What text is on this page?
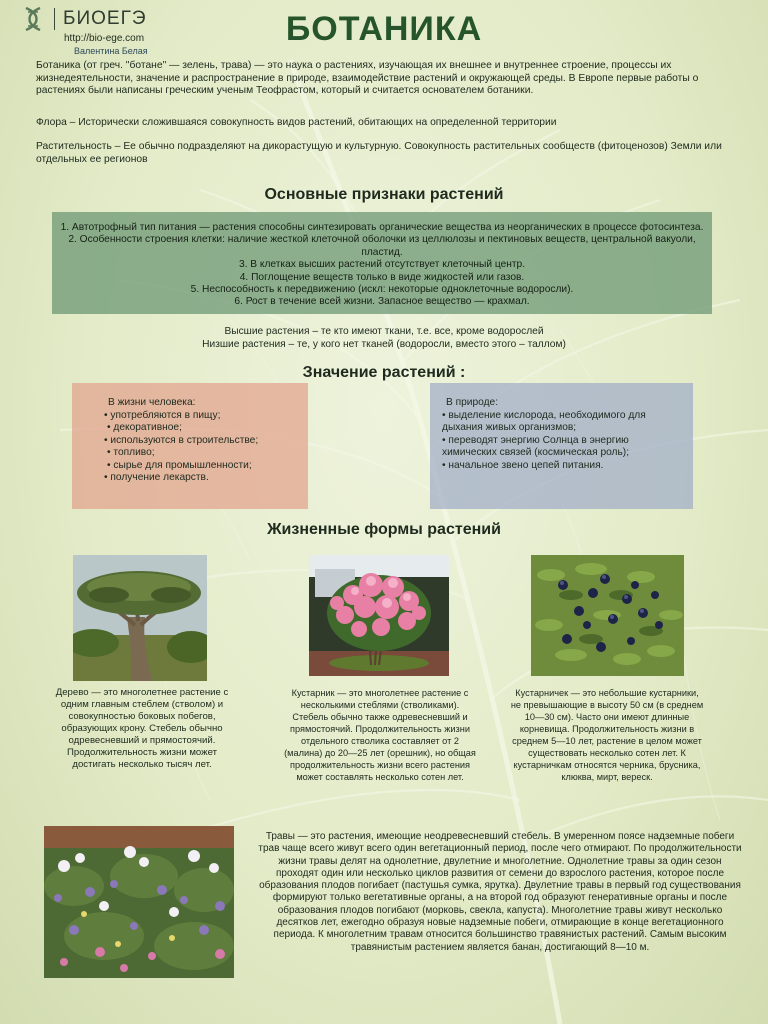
БИОЕГЭ
http://bio-ege.com
Валентина Белая
БОТАНИКА

Ботаника (от греч. "ботане" — зелень, трава) — это наука о растениях, изучающая их внешнее и внутреннее строение, процессы их жизнедеятельности, значение и распространение в природе, взаимодействие растений и окружающей среды. В Европе первые работы о растениях были написаны греческим ученым Теофрастом, который и считается основателем ботаники.

Флора – Исторически сложившаяся совокупность видов растений, обитающих на определенной территории

Растительность – Ее обычно подразделяют на дикорастущую и культурную. Совокупность растительных сообществ (фитоценозов) Земли или отдельных ее регионов

Основные признаки растений
1. Автотрофный тип питания — растения способны синтезировать органические вещества из неорганических в процессе фотосинтеза.
2. Особенности строения клетки: наличие жесткой клеточной оболочки из целлюлозы и пектиновых веществ, центральной вакуоли, пластид.
3. В клетках высших растений отсутствует клеточный центр.
4. Поглощение веществ только в виде жидкостей или газов.
5. Неспособность к передвижению (искл: некоторые одноклеточные водоросли).
6. Рост в течение всей жизни. Запасное вещество — крахмал.
Высшие растения – те кто имеют ткани, т.е. все, кроме водорослей
Низшие растения – те, у кого нет тканей (водоросли, вместо этого – таллом)
Значение растений :
В жизни человека:
• употребляются в пищу;
• декоративное;
• используются в строительстве;
• топливо;
• сырье для промышленности;
• получение лекарств.
В природе:
• выделение кислорода, необходимого для дыхания живых организмов;
• переводят энергию Солнца в энергию химических связей (космическая роль);
• начальное звено цепей питания.
Жизненные формы растений

Дерево — это многолетнее растение с одним главным стеблем (стволом) и совокупностью боковых побегов, образующих крону. Стебель обычно одревесневший и прямостоячий. Продолжительность жизни может достигать несколько тысяч лет.

Кустарник — это многолетнее растение с несколькими стеблями (стволиками). Стебель обычно также одревесневший и прямостоячий. Продолжительность жизни отдельного стволика составляет от 2 (малина) до 20—25 лет (орешник), но общая продолжительность жизни всего растения может составлять несколько сотен лет.

Кустарничек — это небольшие кустарники, не превышающие в высоту 50 см (в среднем 10—30 см). Часто они имеют длинные корневища. Продолжительность жизни в среднем 5—10 лет, растение в целом может существовать несколько сотен лет. К кустарничкам относятся черника, брусника, клюква, мирт, вереск.

Травы — это растения, имеющие неодревесневший стебель. В умеренном поясе надземные побеги трав чаще всего живут всего один вегетационный период, после чего отмирают. По продолжительности жизни травы делят на однолетние, двулетние и многолетние. Однолетние травы за один сезон проходят один или несколько циклов развития от семени до взрослого растения, которое после образования плодов погибает (пастушья сумка, ярутка). Двулетние травы в первый год существования формируют только вегетативные органы, а на второй год образуют генеративные органы и после образования плодов погибают (морковь, свекла, капуста). Многолетние травы живут несколько десятков лет, ежегодно образуя новые надземные побеги, отмирающие в конце вегетационного периода. К многолетним травам относится большинство травянистых растений. Самым высоким травянистым растением является банан, достигающий 8—10 м.
